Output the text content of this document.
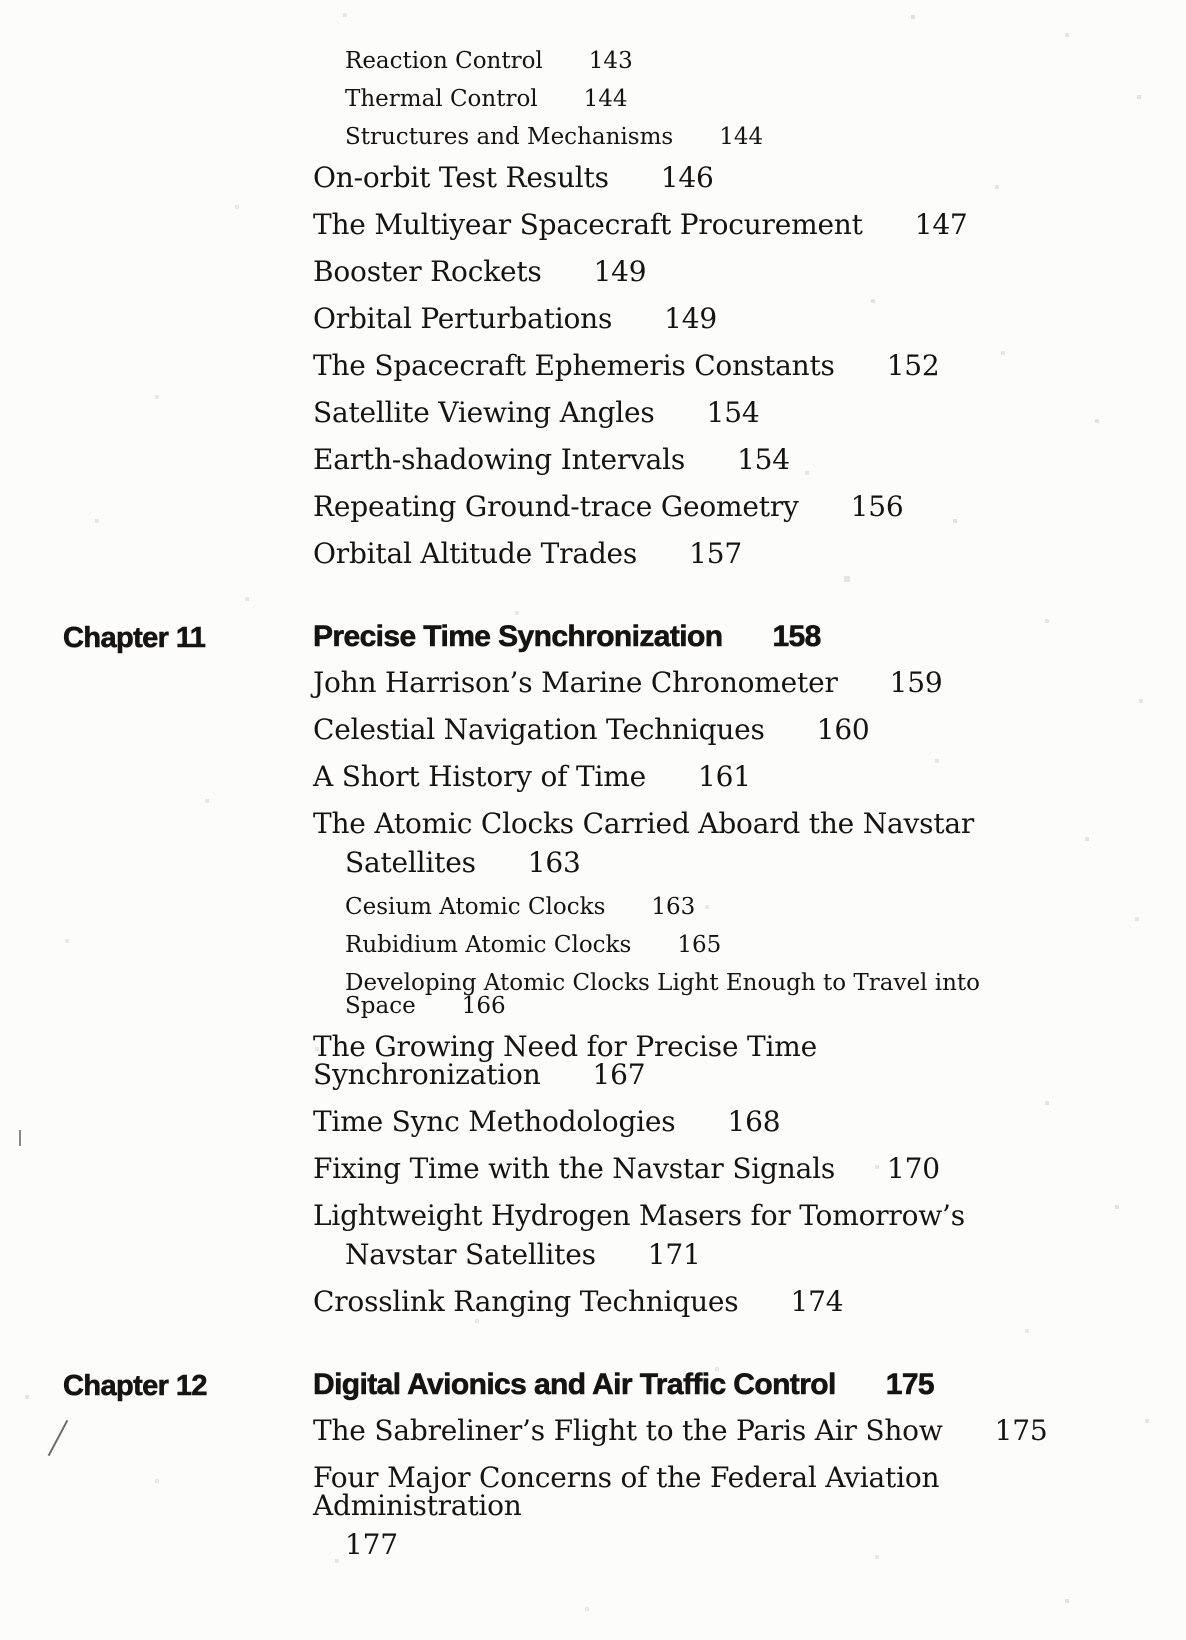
Reaction Control 143
Thermal Control 144
Structures and Mechanisms 144
On-orbit Test Results 146
The Multiyear Spacecraft Procurement 147
Booster Rockets 149
Orbital Perturbations 149
The Spacecraft Ephemeris Constants 152
Satellite Viewing Angles 154
Earth-shadowing Intervals 154
Repeating Ground-trace Geometry 156
Orbital Altitude Trades 157
Chapter 11	Precise Time Synchronization 158
John Harrison’s Marine Chronometer 159
Celestial Navigation Techniques 160
A Short History of Time 161
The Atomic Clocks Carried Aboard the Navstar
Satellites 163
Cesium Atomic Clocks 163
Rubidium Atomic Clocks 165
Developing Atomic Clocks Light Enough to Travel into Space 166
The Growing Need for Precise Time Synchronization 167
Time Sync Methodologies 168
Fixing Time with the Navstar Signals 170
Lightweight Hydrogen Masers for Tomorrow’s
Navstar Satellites 171
Crosslink Ranging Techniques 174
Chapter 12	Digital Avionics and Air Traffic Control 175
The Sabreliner’s Flight to the Paris Air Show 175
Four Major Concerns of the Federal Aviation Administration
177
